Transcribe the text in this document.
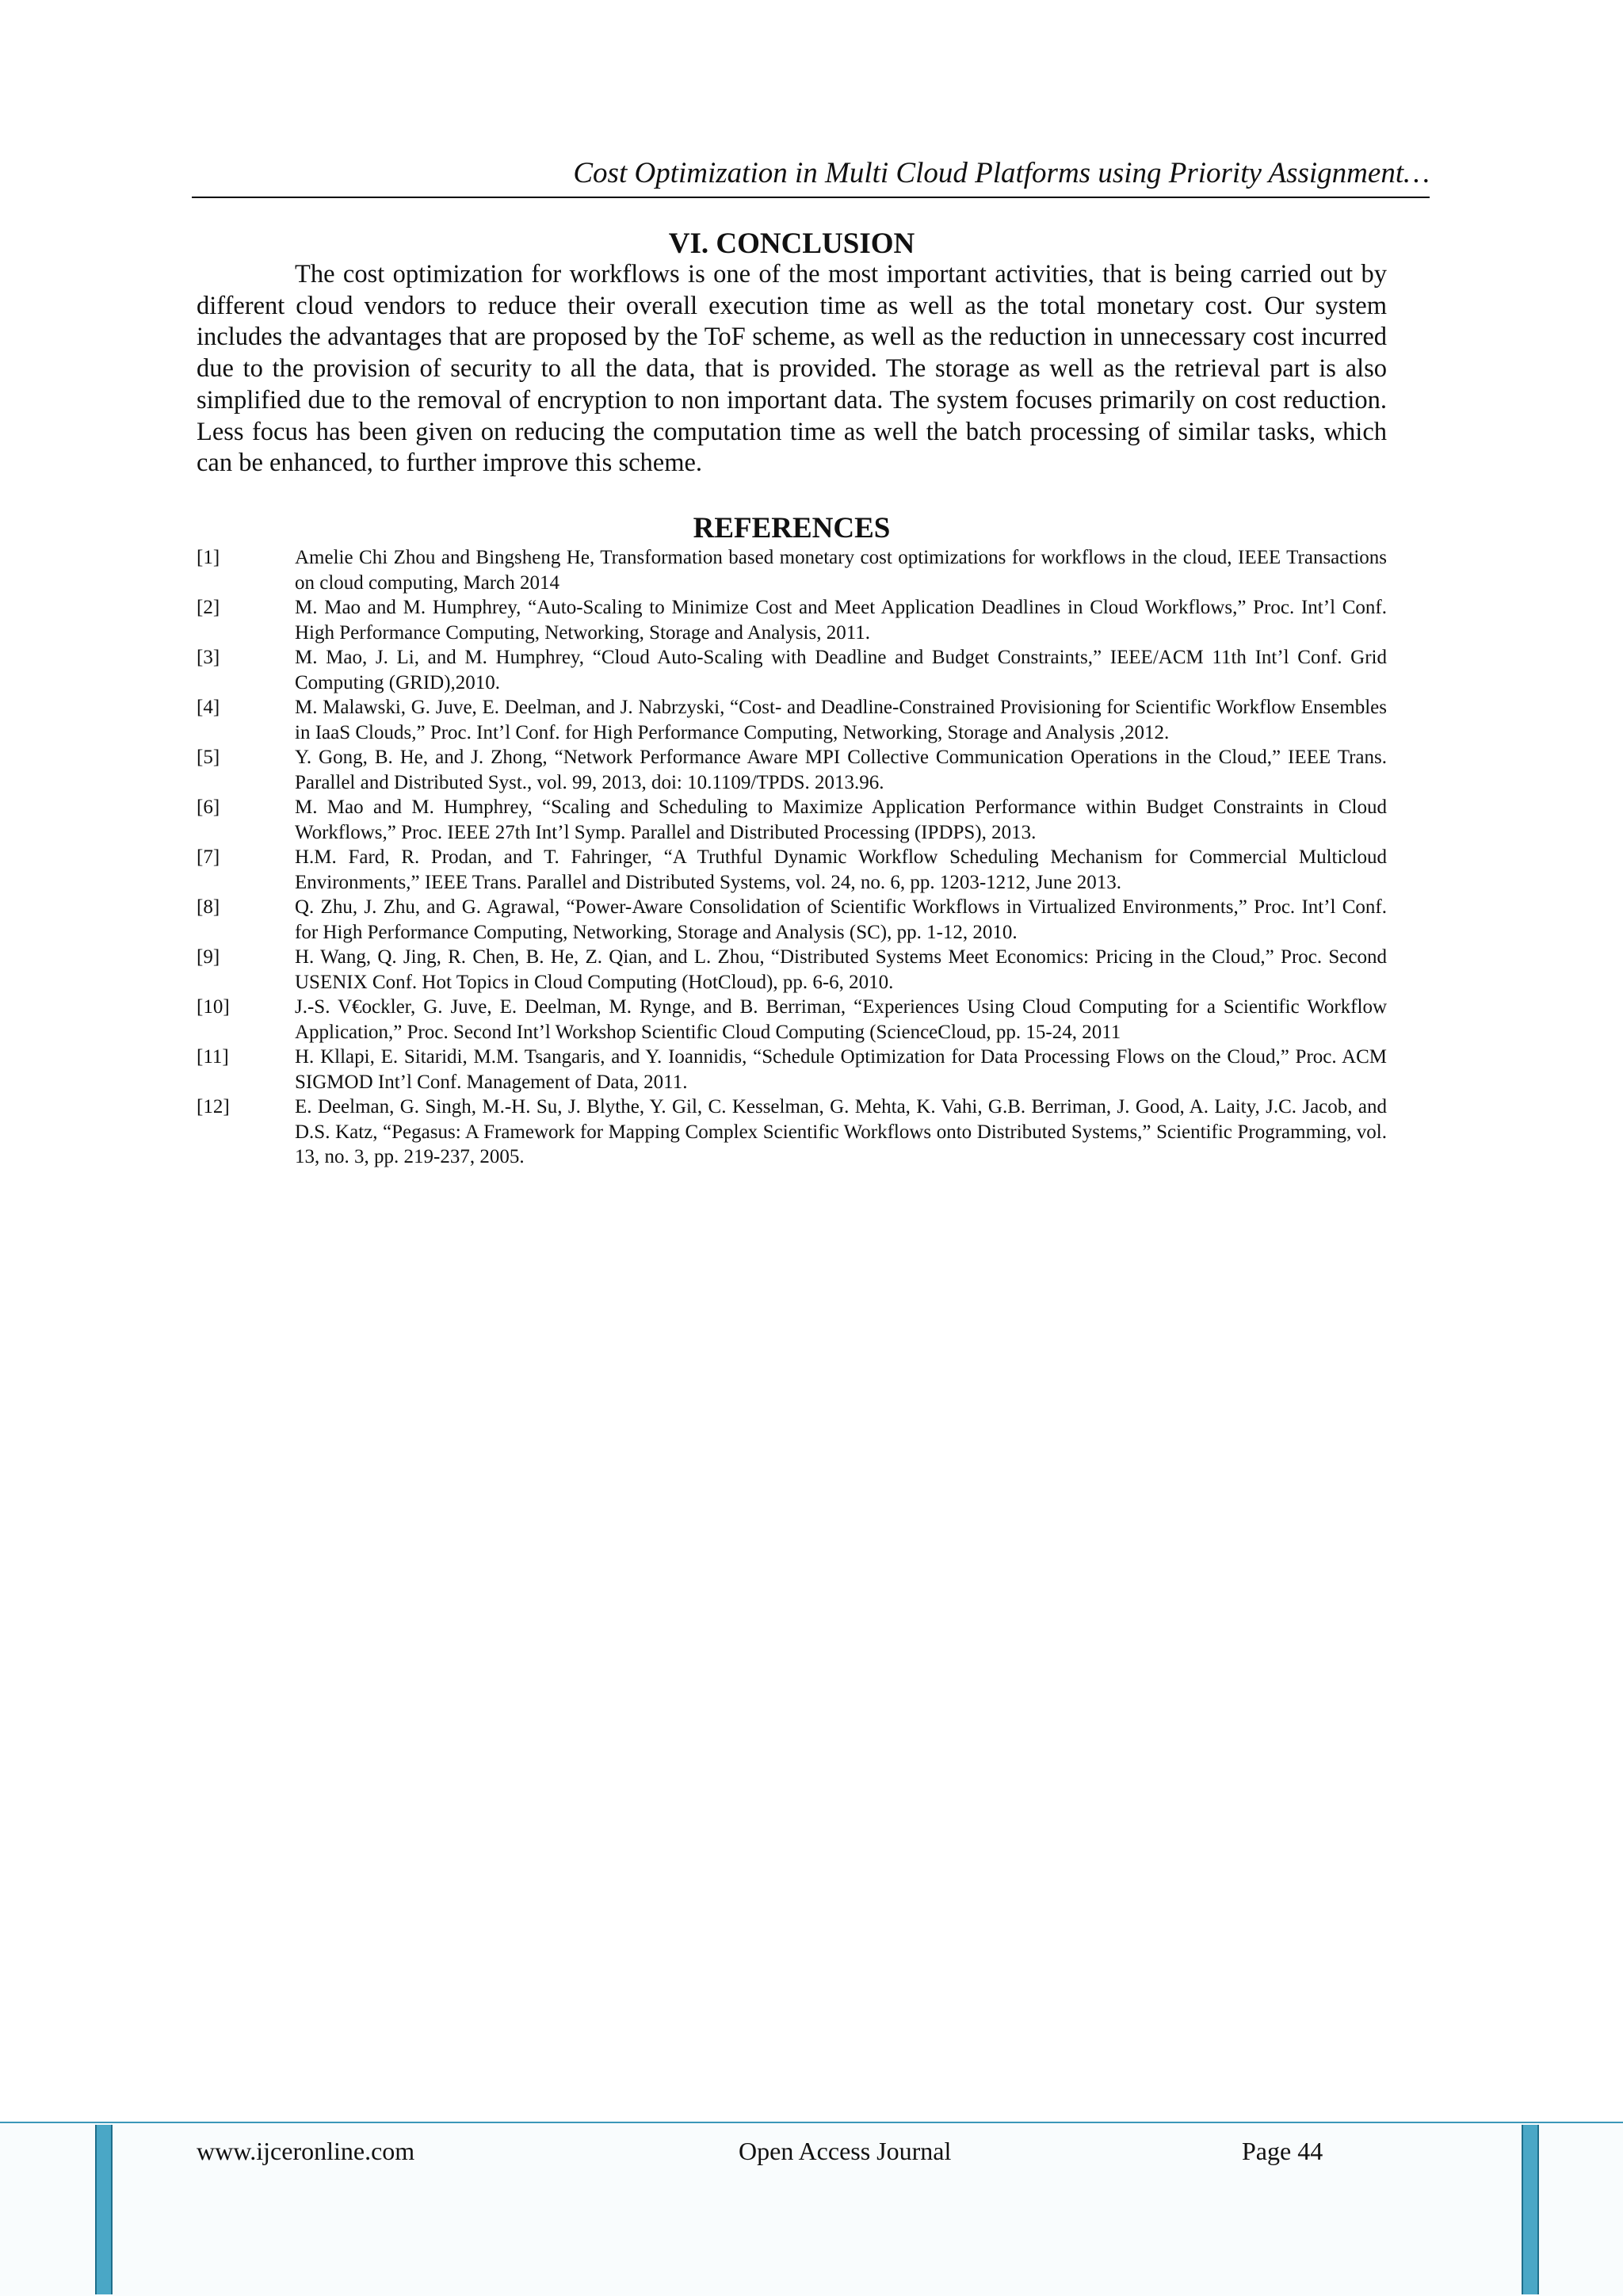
Cost Optimization in Multi Cloud Platforms using Priority Assignment…
VI. CONCLUSION

The cost optimization for workflows is one of the most important activities, that is being carried out by different cloud vendors to reduce their overall execution time as well as the total monetary cost. Our system includes the advantages that are proposed by the ToF scheme, as well as the reduction in unnecessary cost incurred due to the provision of security to all the data, that is provided. The storage as well as the retrieval part is also simplified due to the removal of encryption to non important data. The system focuses primarily on cost reduction. Less focus has been given on reducing the computation time as well the batch processing of similar tasks, which can be enhanced, to further improve this scheme.

REFERENCES
[1]	Amelie Chi Zhou and Bingsheng He, Transformation based monetary cost optimizations for workflows in the cloud, IEEE Transactions on cloud computing, March 2014
[2]	M. Mao and M. Humphrey, “Auto-Scaling to Minimize Cost and Meet Application Deadlines in Cloud Workflows,” Proc. Int’l Conf. High Performance Computing, Networking, Storage and Analysis, 2011.
[3]	M. Mao, J. Li, and M. Humphrey, “Cloud Auto-Scaling with Deadline and Budget Constraints,” IEEE/ACM 11th Int’l Conf. Grid Computing (GRID),2010.
[4]	M. Malawski, G. Juve, E. Deelman, and J. Nabrzyski, “Cost- and Deadline-Constrained Provisioning for Scientific Workflow Ensembles in IaaS Clouds,” Proc. Int’l Conf. for High Performance Computing, Networking, Storage and Analysis ,2012.
[5]	Y. Gong, B. He, and J. Zhong, “Network Performance Aware MPI Collective Communication Operations in the Cloud,” IEEE Trans. Parallel and Distributed Syst., vol. 99, 2013, doi: 10.1109/TPDS. 2013.96.
[6]	M. Mao and M. Humphrey, “Scaling and Scheduling to Maximize Application Performance within Budget Constraints in Cloud Workflows,” Proc. IEEE 27th Int’l Symp. Parallel and Distributed Processing (IPDPS), 2013.
[7]	H.M. Fard, R. Prodan, and T. Fahringer, “A Truthful Dynamic Workflow Scheduling Mechanism for Commercial Multicloud Environments,” IEEE Trans. Parallel and Distributed Systems, vol. 24, no. 6, pp. 1203-1212, June 2013.
[8]	Q. Zhu, J. Zhu, and G. Agrawal, “Power-Aware Consolidation of Scientific Workflows in Virtualized Environments,” Proc. Int’l Conf. for High Performance Computing, Networking, Storage and Analysis (SC), pp. 1-12, 2010.
[9]	H. Wang, Q. Jing, R. Chen, B. He, Z. Qian, and L. Zhou, “Distributed Systems Meet Economics: Pricing in the Cloud,” Proc. Second USENIX Conf. Hot Topics in Cloud Computing (HotCloud), pp. 6-6, 2010.
[10]	J.-S. V€ockler, G. Juve, E. Deelman, M. Rynge, and B. Berriman, “Experiences Using Cloud Computing for a Scientific Workflow Application,” Proc. Second Int’l Workshop Scientific Cloud Computing (ScienceCloud, pp. 15-24, 2011
[11]	H. Kllapi, E. Sitaridi, M.M. Tsangaris, and Y. Ioannidis, “Schedule Optimization for Data Processing Flows on the Cloud,” Proc. ACM SIGMOD Int’l Conf. Management of Data, 2011.
[12]	E. Deelman, G. Singh, M.-H. Su, J. Blythe, Y. Gil, C. Kesselman, G. Mehta, K. Vahi, G.B. Berriman, J. Good, A. Laity, J.C. Jacob, and D.S. Katz, “Pegasus: A Framework for Mapping Complex Scientific Workflows onto Distributed Systems,” Scientific Programming, vol. 13, no. 3, pp. 219-237, 2005.
www.ijceronline.com	Open Access Journal	Page 44
